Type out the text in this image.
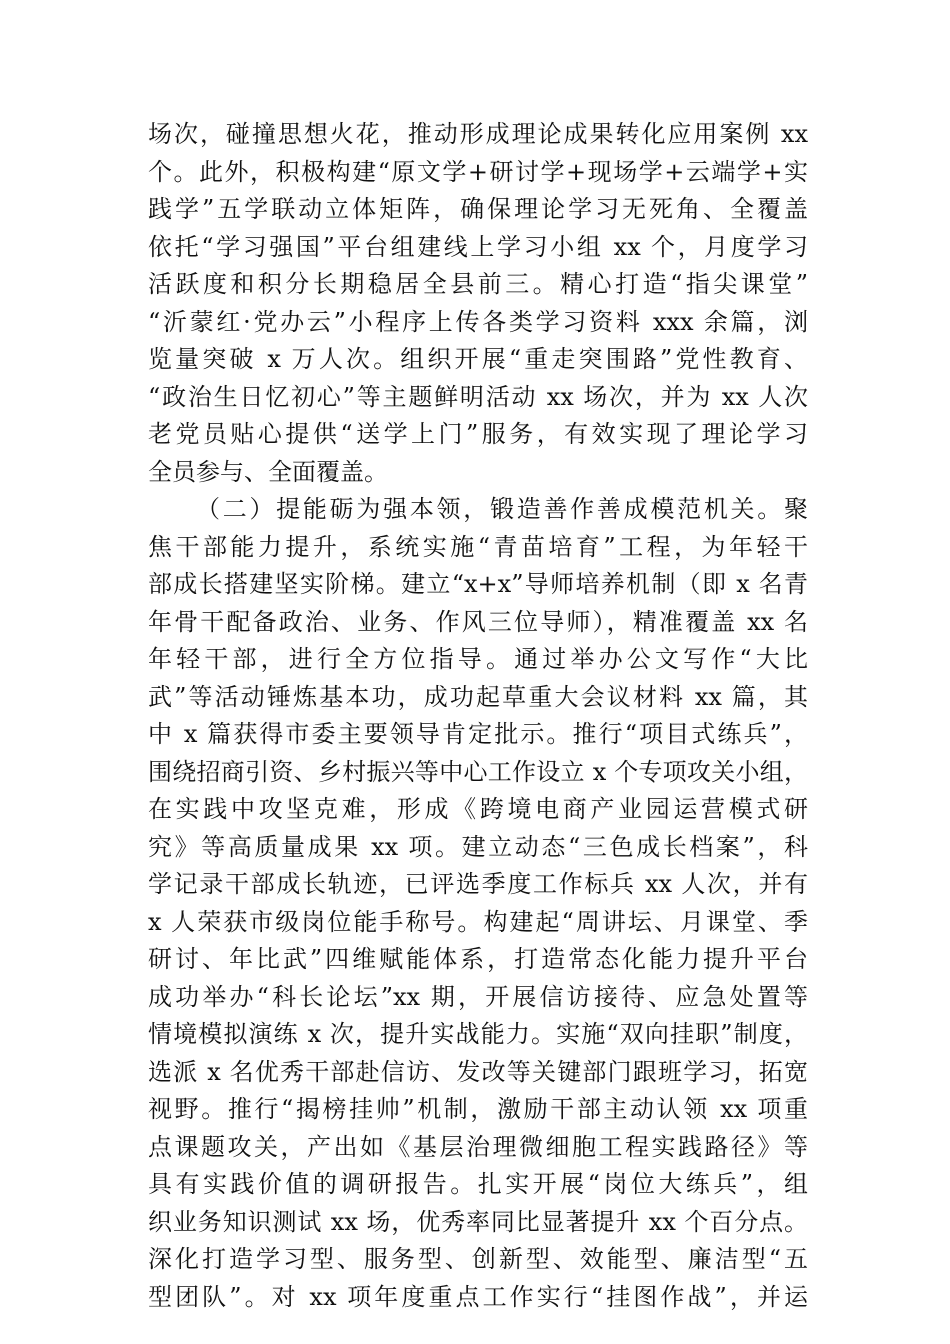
场次，碰撞思想火花，推动形成理论成果转化应用案例 xx
个。此外，积极构建“原文学+研讨学+现场学+云端学+实
践学”五学联动立体矩阵，确保理论学习无死角、全覆盖
依托“学习强国”平台组建线上学习小组 xx 个，月度学习
活跃度和积分长期稳居全县前三。精心打造“指尖课堂”
“沂蒙红·党办云”小程序上传各类学习资料 xxx 余篇，浏
览量突破 x 万人次。组织开展“重走突围路”党性教育、
“政治生日忆初心”等主题鲜明活动 xx 场次，并为 xx 人次
老党员贴心提供“送学上门”服务，有效实现了理论学习
全员参与、全面覆盖。
（二）提能砺为强本领，锻造善作善成模范机关。聚
焦干部能力提升，系统实施“青苗培育”工程，为年轻干
部成长搭建坚实阶梯。建立“x+x”导师培养机制（即 x 名青
年骨干配备政治、业务、作风三位导师），精准覆盖 xx 名
年轻干部，进行全方位指导。通过举办公文写作“大比
武”等活动锤炼基本功，成功起草重大会议材料 xx 篇，其
中 x 篇获得市委主要领导肯定批示。推行“项目式练兵”，
围绕招商引资、乡村振兴等中心工作设立 x 个专项攻关小组，
在实践中攻坚克难，形成《跨境电商产业园运营模式研
究》等高质量成果 xx 项。建立动态“三色成长档案”，科
学记录干部成长轨迹，已评选季度工作标兵 xx 人次，并有
x 人荣获市级岗位能手称号。构建起“周讲坛、月课堂、季
研讨、年比武”四维赋能体系，打造常态化能力提升平台
成功举办“科长论坛”xx 期，开展信访接待、应急处置等
情境模拟演练 x 次，提升实战能力。实施“双向挂职”制度，
选派 x 名优秀干部赴信访、发改等关键部门跟班学习，拓宽
视野。推行“揭榜挂帅”机制，激励干部主动认领 xx 项重
点课题攻关，产出如《基层治理微细胞工程实践路径》等
具有实践价值的调研报告。扎实开展“岗位大练兵”，组
织业务知识测试 xx 场，优秀率同比显著提升 xx 个百分点。
深化打造学习型、服务型、创新型、效能型、廉洁型“五
型团队”。对 xx 项年度重点工作实行“挂图作战”，并运
